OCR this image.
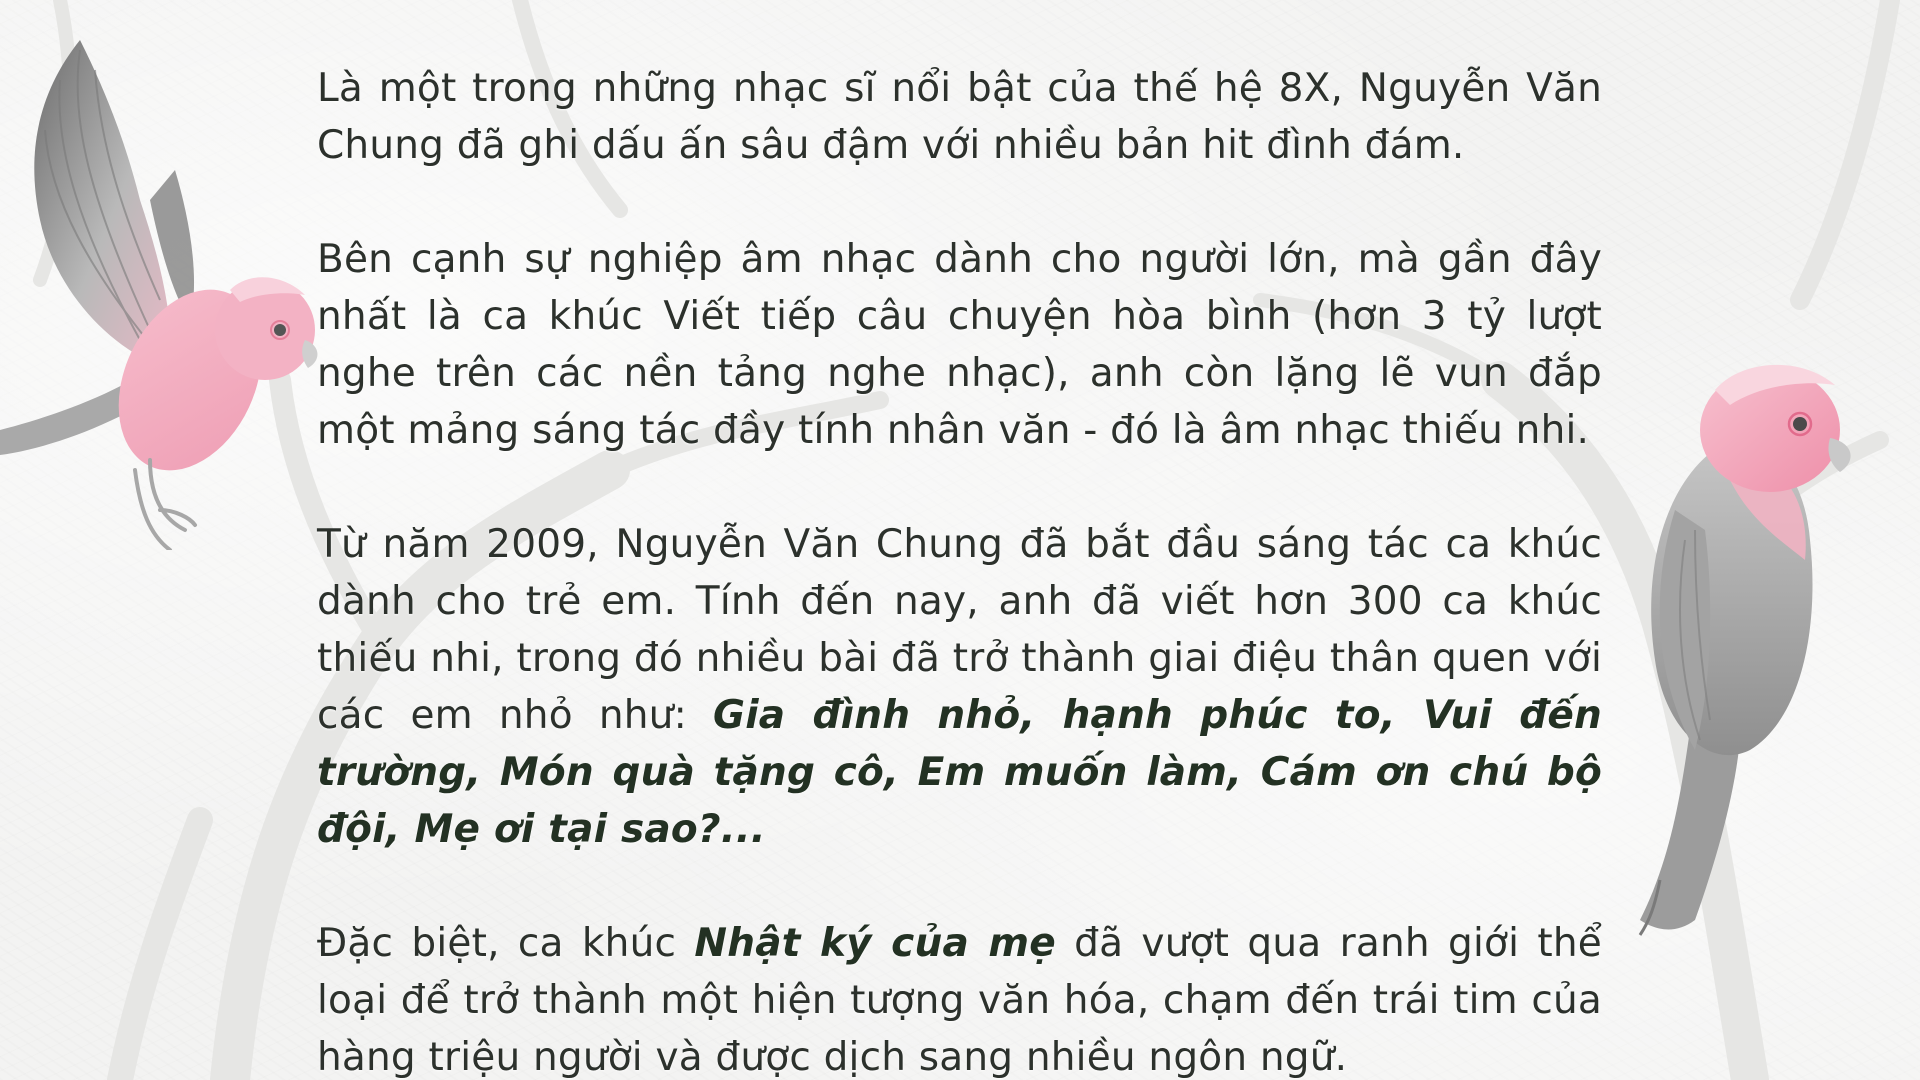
Là một trong những nhạc sĩ nổi bật của thế hệ 8X, Nguyễn Văn Chung đã ghi dấu ấn sâu đậm với nhiều bản hit đình đám.

Bên cạnh sự nghiệp âm nhạc dành cho người lớn, mà gần đây nhất là ca khúc Viết tiếp câu chuyện hòa bình (hơn 3 tỷ lượt nghe trên các nền tảng nghe nhạc), anh còn lặng lẽ vun đắp một mảng sáng tác đầy tính nhân văn - đó là âm nhạc thiếu nhi.

Từ năm 2009, Nguyễn Văn Chung đã bắt đầu sáng tác ca khúc dành cho trẻ em. Tính đến nay, anh đã viết hơn 300 ca khúc thiếu nhi, trong đó nhiều bài đã trở thành giai điệu thân quen với các em nhỏ như: Gia đình nhỏ, hạnh phúc to, Vui đến trường, Món quà tặng cô, Em muốn làm, Cám ơn chú bộ đội, Mẹ ơi tại sao?...

Đặc biệt, ca khúc Nhật ký của mẹ đã vượt qua ranh giới thể loại để trở thành một hiện tượng văn hóa, chạm đến trái tim của hàng triệu người và được dịch sang nhiều ngôn ngữ.
